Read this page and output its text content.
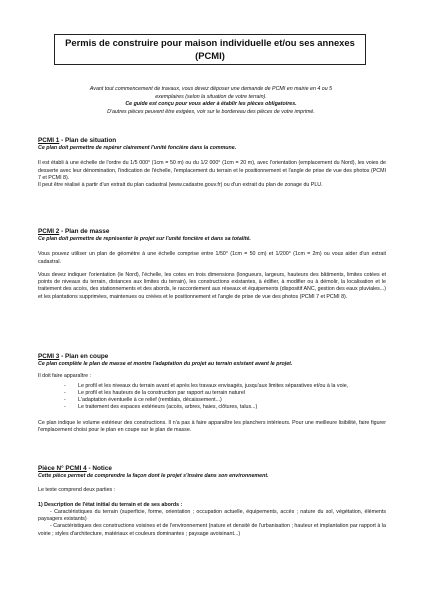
Permis de construire pour maison individuelle et/ou ses annexes
(PCMI)
Avant tout commencement de travaux, vous devez déposer une demande de PCMI en mairie en 4 ou 5
exemplaires (selon la situation de votre terrain).
Ce guide est conçu pour vous aider à établir les pièces obligatoires.
D'autres pièces peuvent être exigées, voir sur le bordereau des pièces de votre imprimé.
PCMI 1 - Plan de situation
Ce plan doit permettre de repérer clairement l'unité foncière dans la commune.

Il est établi à une échelle de l'ordre du 1/5 000° (1cm = 50 m) ou du 1/2 000° (1cm = 20 m), avec l'orientation (emplacement du Nord), les voies de desserte avec leur dénomination, l'indication de l'échelle, l'emplacement du terrain et le positionnement et l'angle de prise de vue des photos (PCMI 7 et PCMI 8).

Il peut être réalisé à partir d'un extrait du plan cadastral (www.cadastre.gouv.fr) ou d'un extrait du plan de zonage du PLU.

PCMI 2 - Plan de masse
Ce plan doit permettre de représenter le projet sur l'unité foncière et dans sa totalité.

Vous pouvez utiliser un plan de géomètre à une échelle comprise entre 1/50° (1cm = 50 cm) et 1/200° (1cm = 2m) ou vous aider d'un extrait cadastral.

Vous devez indiquer l'orientation (le Nord), l'échelle, les cotes en trois dimensions (longueurs, largeurs, hauteurs des bâtiments, limites cotées et points de niveaux du terrain, distances aux limites du terrain), les constructions existantes, à édifier, à modifier ou à démolir, la localisation et le traitement des accès, des stationnements et des abords, le raccordement aux réseaux et équipements (dispositif ANC, gestion des eaux pluviales...) et les plantations supprimées, maintenues ou créées et le positionnement et l'angle de prise de vue des photos (PCMI 7 et PCMI 8).

PCMI 3 - Plan en coupe
Ce plan complète le plan de masse et montre l'adaptation du projet au terrain existant avant le projet.

Il doit faire apparaître :

- Le profil et les niveaux du terrain avant et après les travaux envisagés, jusqu'aux limites séparatives et/ou à la voie,
- Le profil et les hauteurs de la construction par rapport au terrain naturel
- L'adaptation éventuelle à ce relief (remblais, décaissement...)
- Le traitement des espaces extérieurs (accès, arbres, haies, clôtures, talus...)

Ce plan indique le volume extérieur des constructions. Il n'a pas à faire apparaître les planchers intérieurs. Pour une meilleure lisibilité, faire figurer l'emplacement choisi pour le plan en coupe sur le plan de masse.

Pièce N° PCMI 4 - Notice
Cette pièce permet de comprendre la façon dont le projet s'insère dans son environnement.

Le texte comprend deux parties :

1) Description de l'état initial du terrain et de ses abords :

- Caractéristiques du terrain (superficie, forme, orientation ; occupation actuelle, équipements, accès ; nature du sol, végétation, éléments paysagers existants)

- Caractéristiques des constructions voisines et de l'environnement (nature et densité de l'urbanisation ; hauteur et implantation par rapport à la voirie ; styles d'architecture, matériaux et couleurs dominantes ; paysage avoisinant...)
